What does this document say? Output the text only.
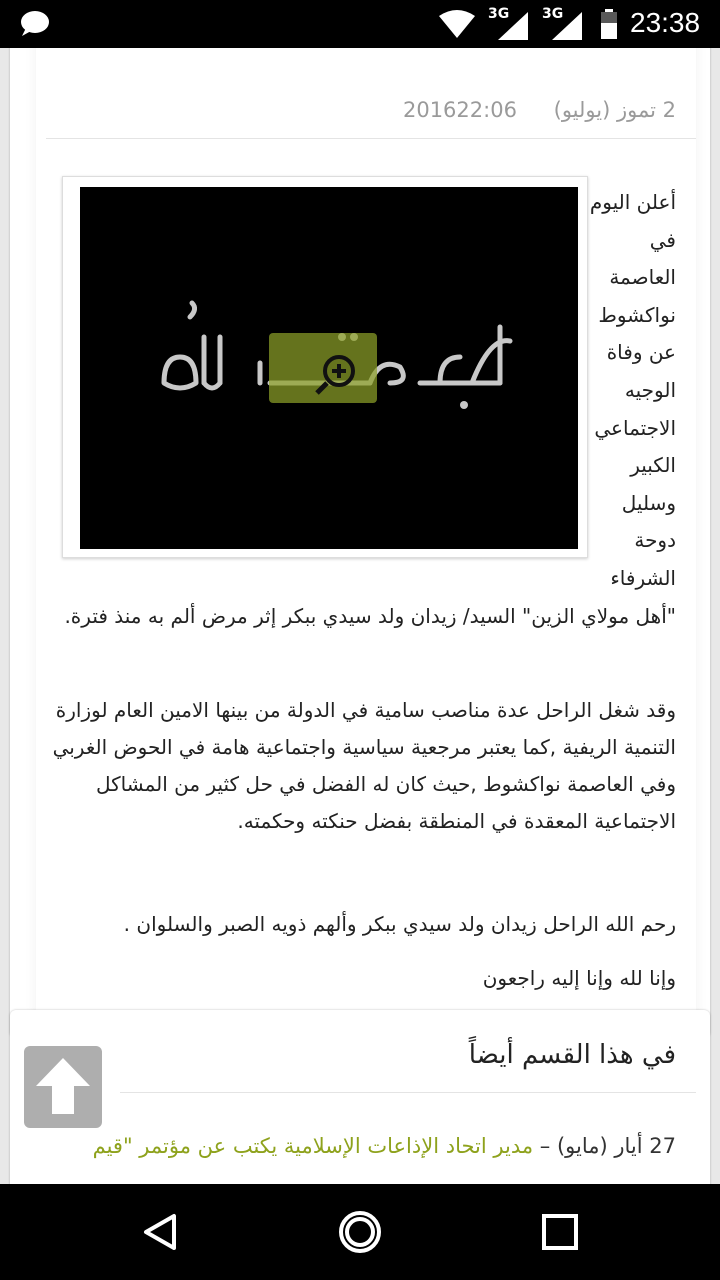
3G 3G 23:38
2 تموز (يوليو) 201622:06
أعلن اليوم
في
العاصمة
نواكشوط
عن وفاة
الوجيه
الاجتماعي
الكبير
وسليل
دوحة
الشرفاء

"أهل مولاي الزين" السيد/ زيدان ولد سيدي ببكر إثر مرض ألم به منذ فترة.

وقد شغل الراحل عدة مناصب سامية في الدولة من بينها الامين العام لوزارة التنمية الريفية ,كما يعتبر مرجعية سياسية واجتماعية هامة في الحوض الغربي وفي العاصمة نواكشوط ,حيث كان له الفضل في حل كثير من المشاكل الاجتماعية المعقدة في المنطقة بفضل حنكته وحكمته.

رحم الله الراحل زيدان ولد سيدي ببكر وألهم ذويه الصبر والسلوان .

وإنا لله وإنا إليه راجعون

في هذا القسم أيضاً
27 أيار (مايو) – مدير اتحاد الإذاعات الإسلامية يكتب عن مؤتمر "قيم
